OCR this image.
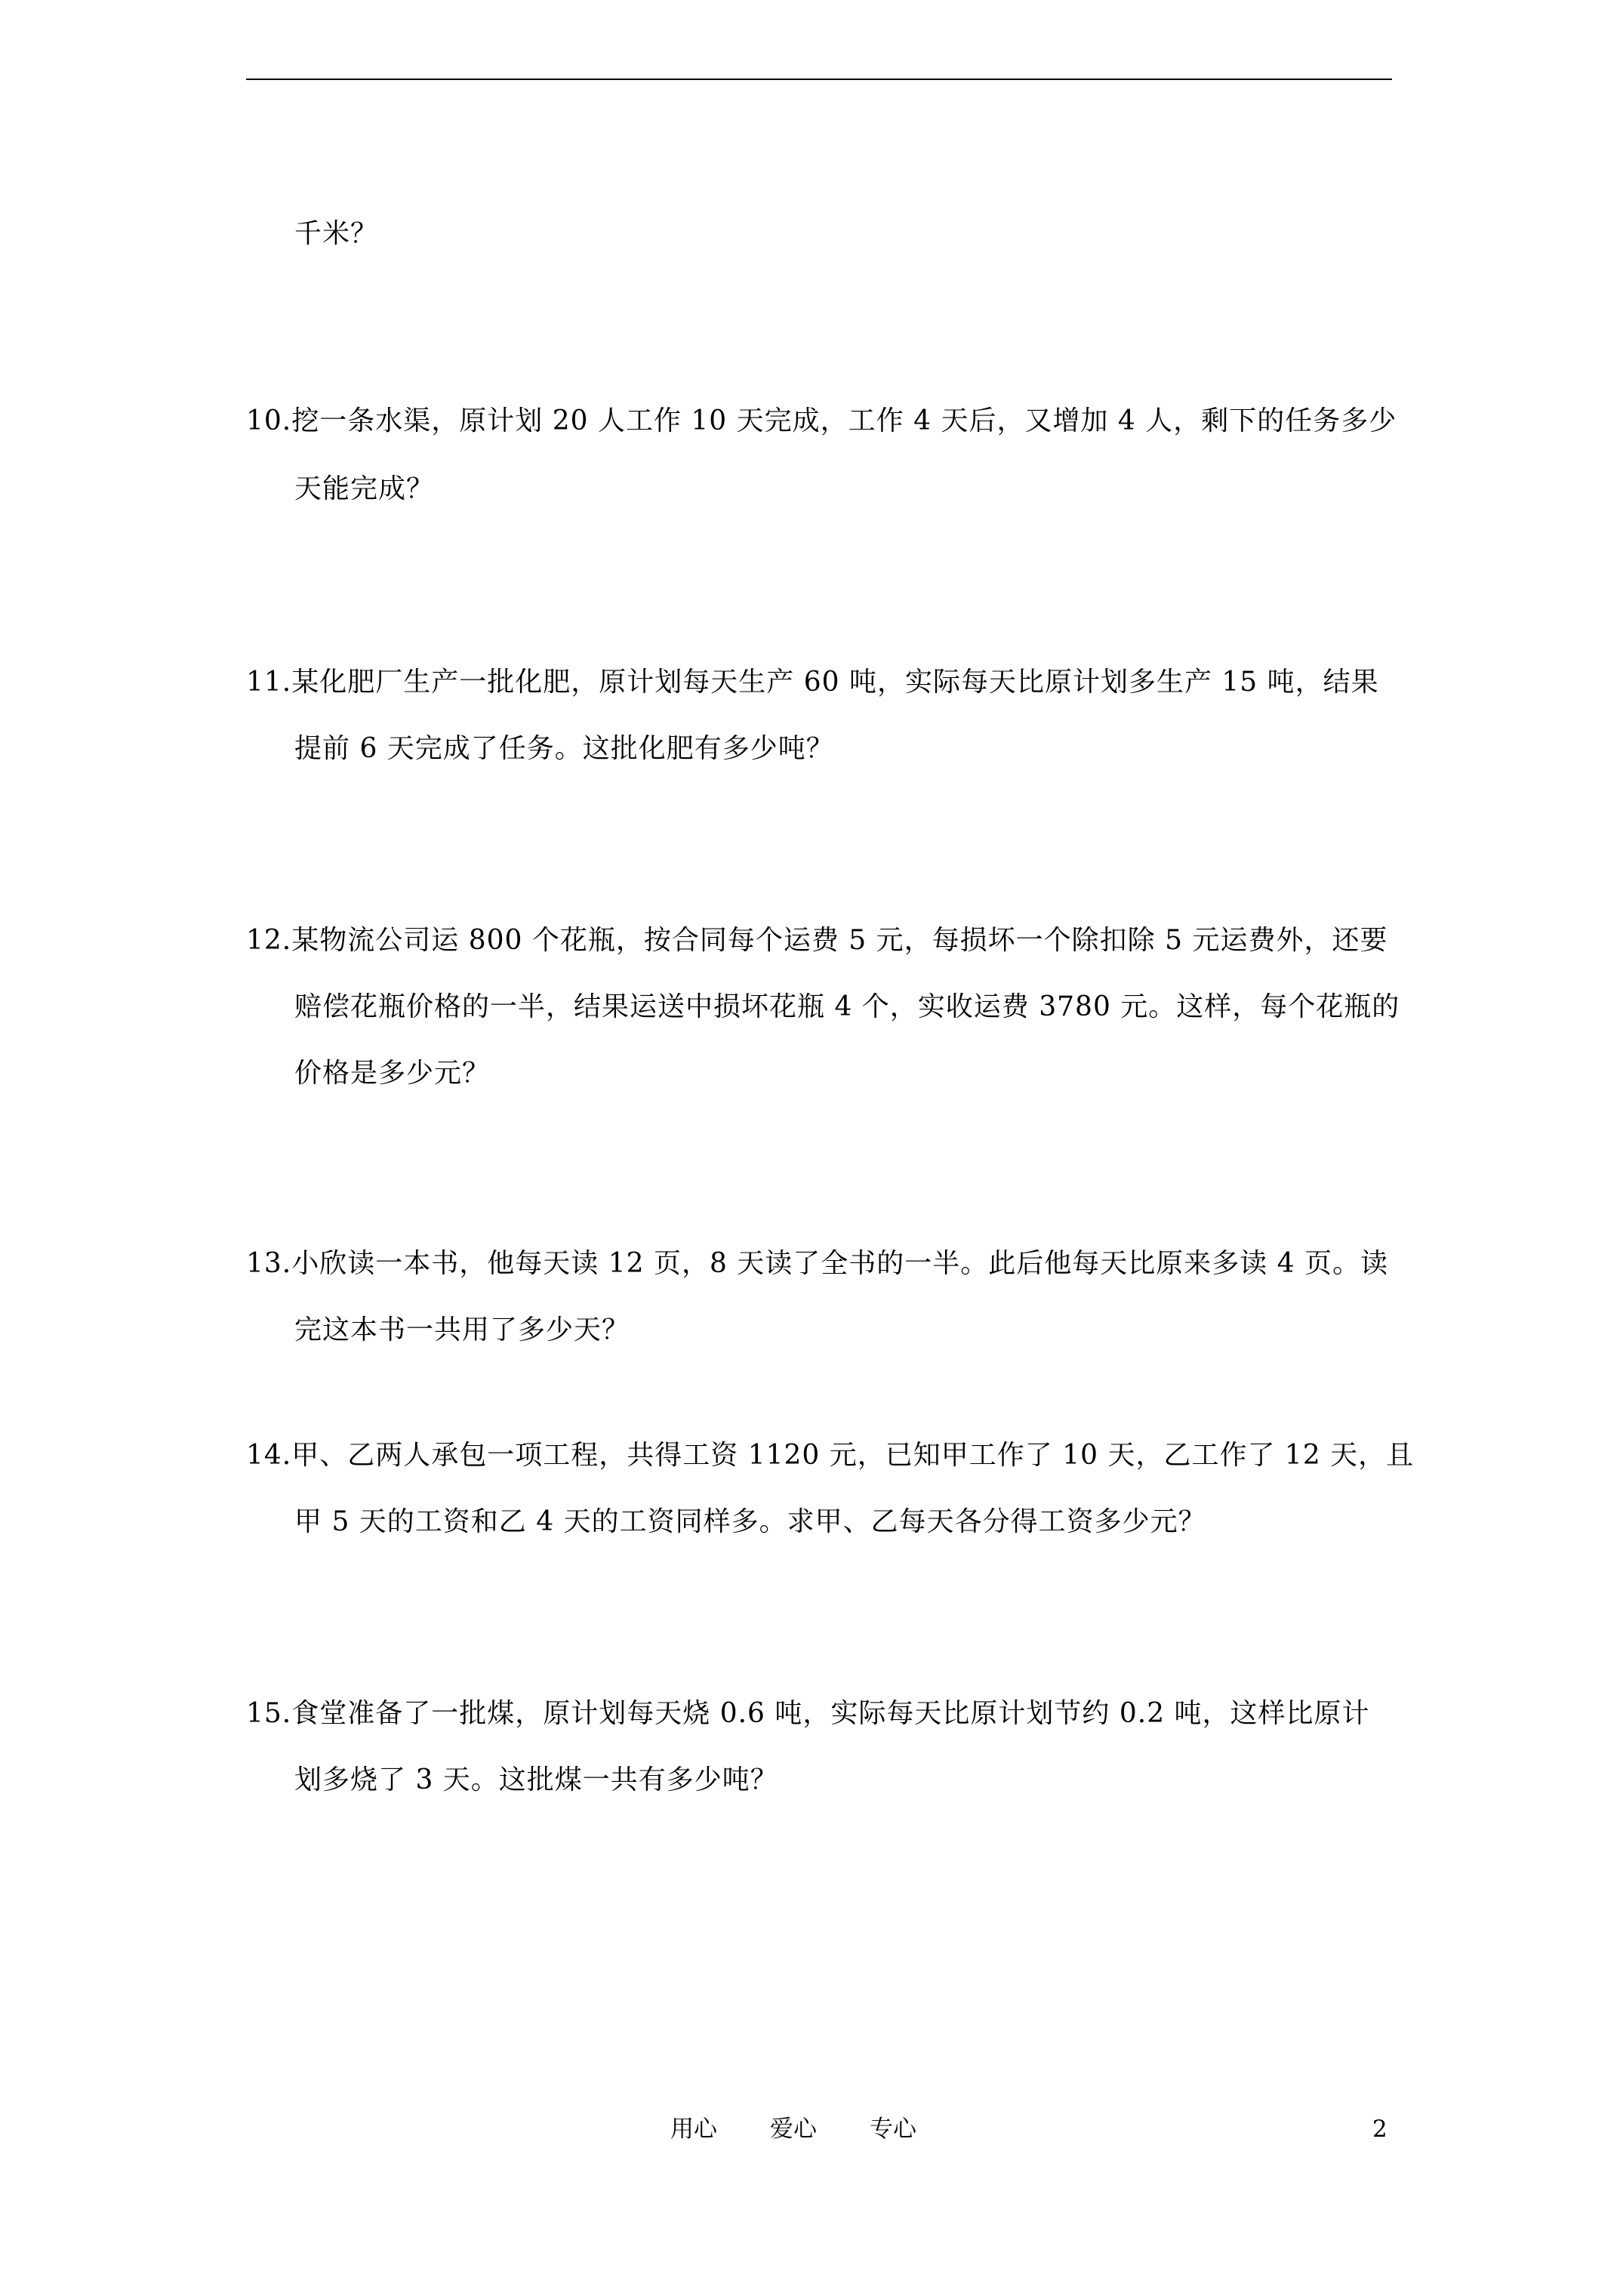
千米？
10.挖一条水渠，原计划 20 人工作 10 天完成，工作 4 天后，又增加 4 人，剩下的任务多少
天能完成？
11.某化肥厂生产一批化肥，原计划每天生产 60 吨，实际每天比原计划多生产 15 吨，结果
提前 6 天完成了任务。这批化肥有多少吨？
12.某物流公司运 800 个花瓶，按合同每个运费 5 元，每损坏一个除扣除 5 元运费外，还要
赔偿花瓶价格的一半，结果运送中损坏花瓶 4 个，实收运费 3780 元。这样，每个花瓶的
价格是多少元？
13.小欣读一本书，他每天读 12 页，8 天读了全书的一半。此后他每天比原来多读 4 页。读
完这本书一共用了多少天？
14.甲、乙两人承包一项工程，共得工资 1120 元，已知甲工作了 10 天，乙工作了 12 天，且
甲 5 天的工资和乙 4 天的工资同样多。求甲、乙每天各分得工资多少元？
15.食堂准备了一批煤，原计划每天烧 0.6 吨，实际每天比原计划节约 0.2 吨，这样比原计
划多烧了 3 天。这批煤一共有多少吨？
用心 爱心 专心	2
